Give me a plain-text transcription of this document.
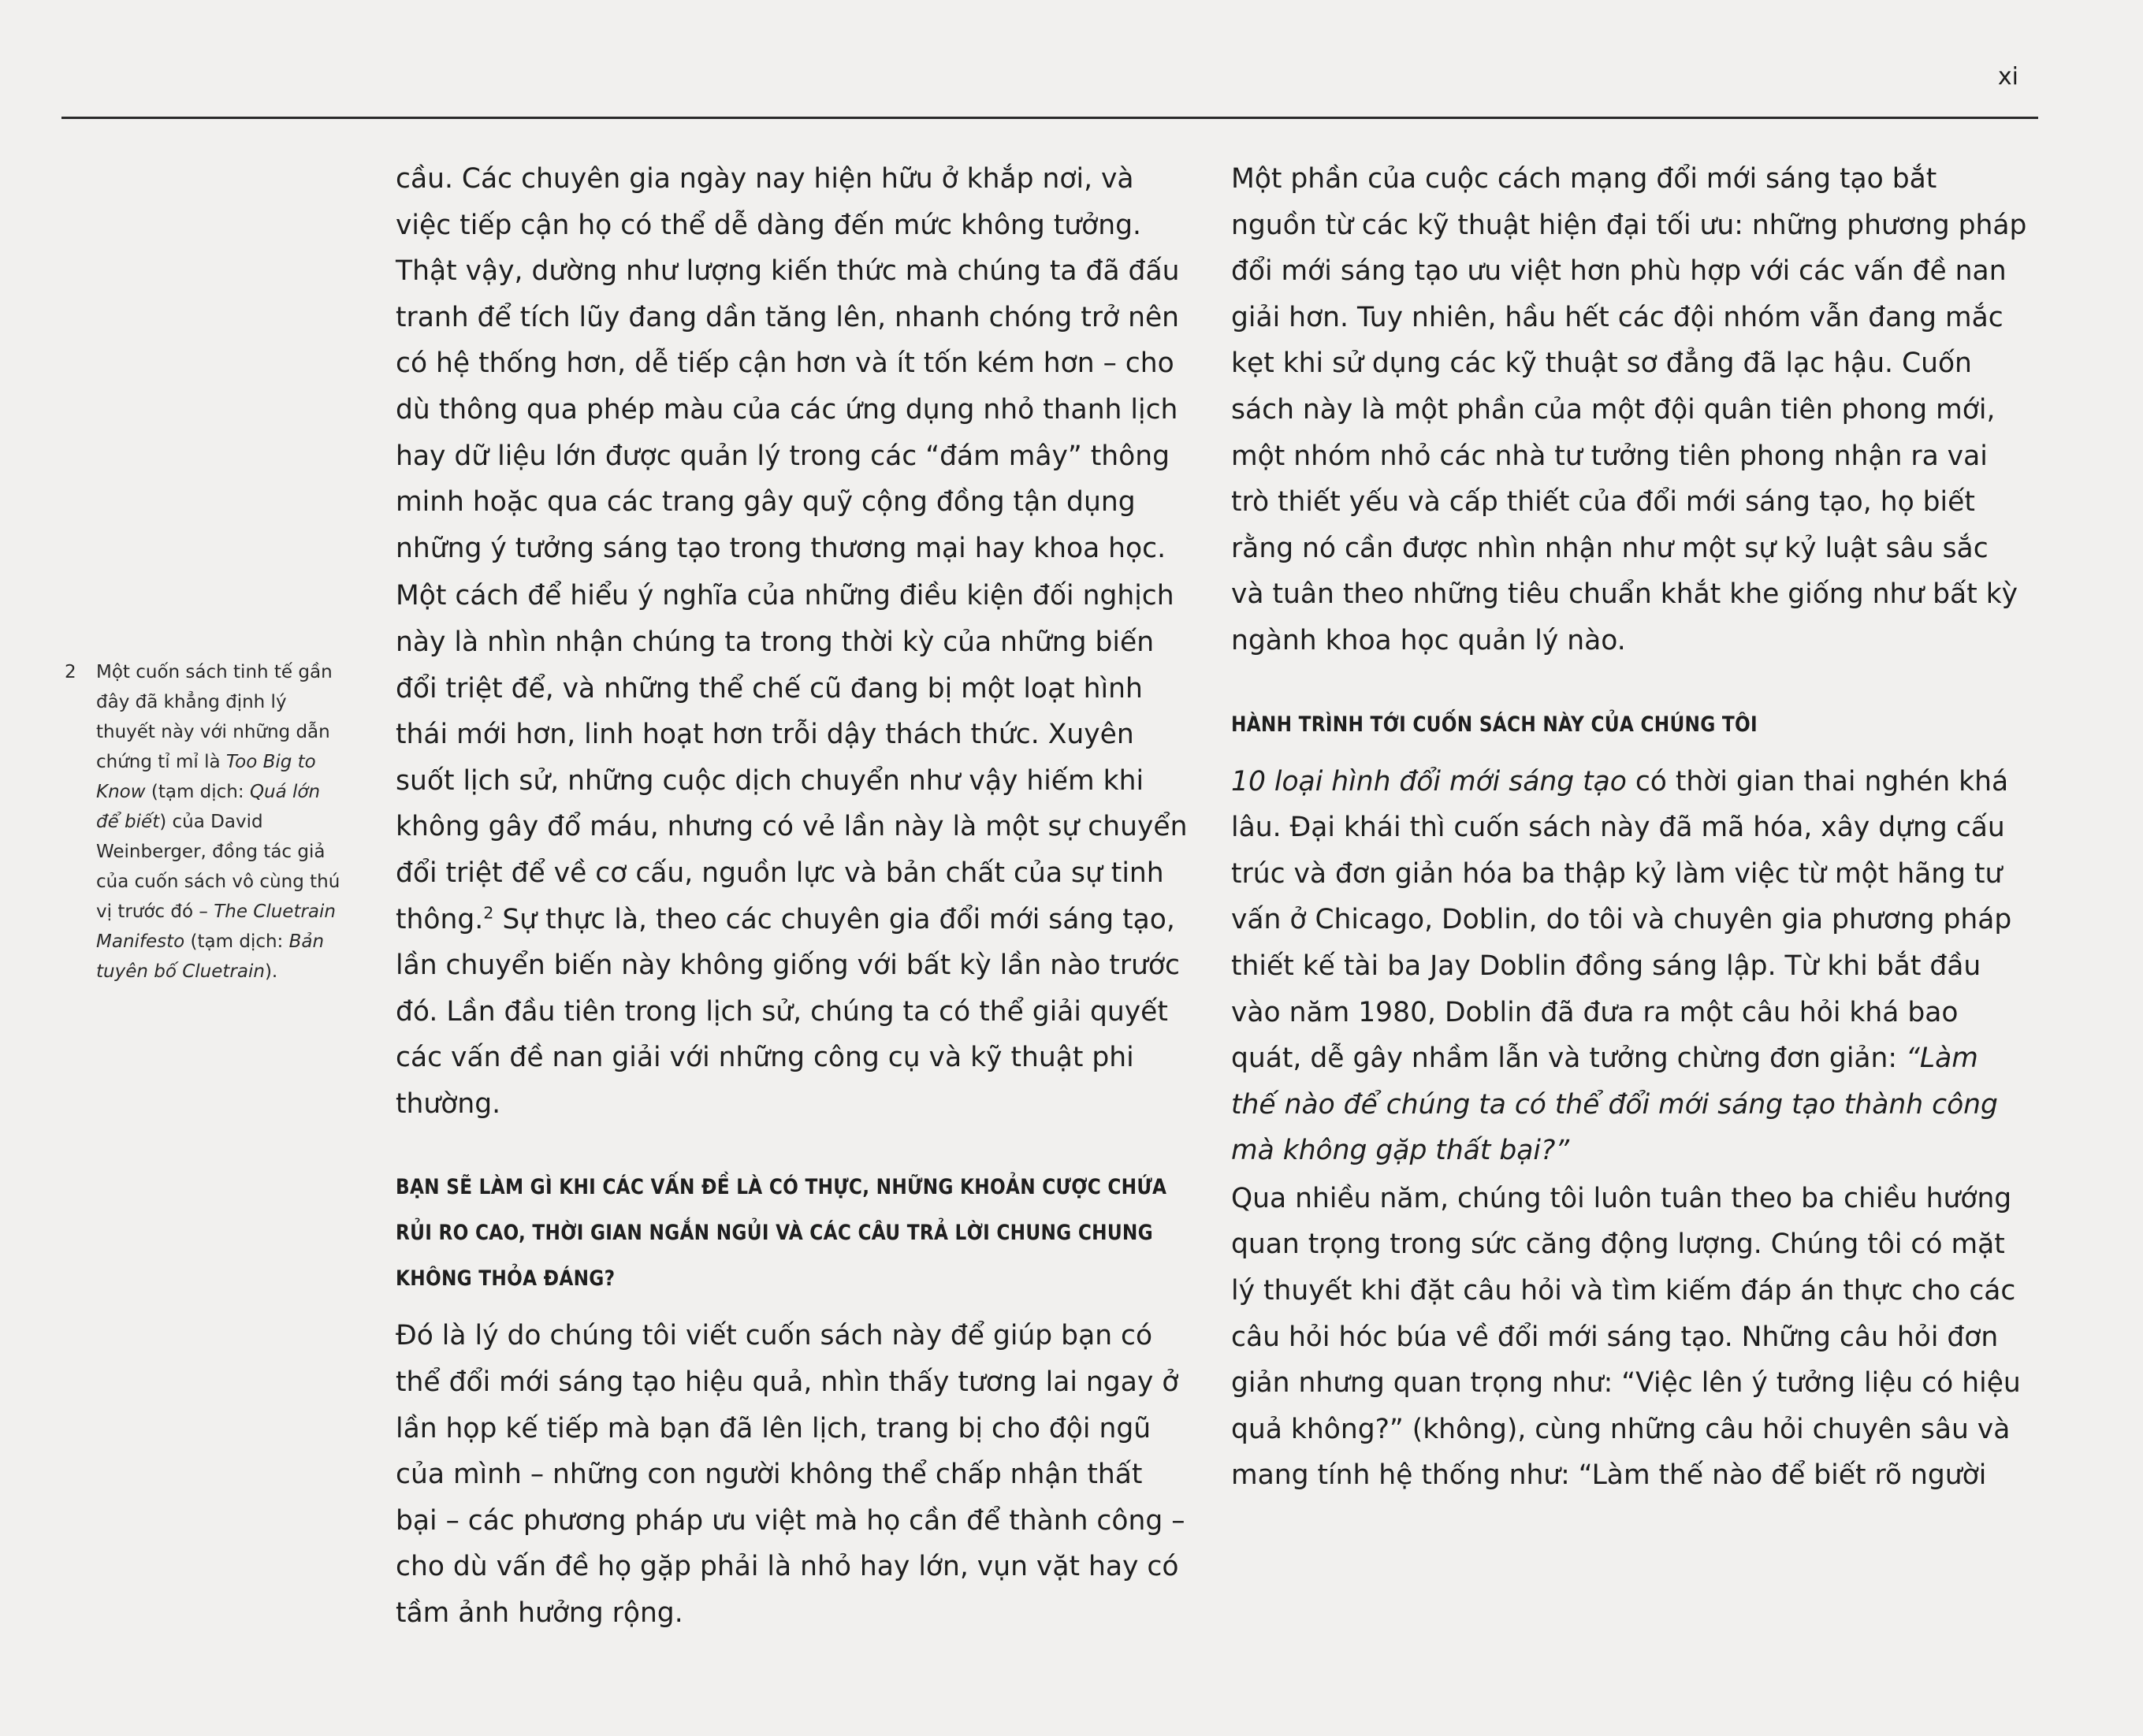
xi
2 Một cuốn sách tinh tế gần đây đã khẳng định lý thuyết này với những dẫn chứng tỉ mỉ là Too Big to Know (tạm dịch: Quá lớn để biết) của David Weinberger, đồng tác giả của cuốn sách vô cùng thú vị trước đó – The Cluetrain Manifesto (tạm dịch: Bản tuyên bố Cluetrain).

cầu. Các chuyên gia ngày nay hiện hữu ở khắp nơi, và việc tiếp cận họ có thể dễ dàng đến mức không tưởng. Thật vậy, dường như lượng kiến thức mà chúng ta đã đấu tranh để tích lũy đang dần tăng lên, nhanh chóng trở nên có hệ thống hơn, dễ tiếp cận hơn và ít tốn kém hơn – cho dù thông qua phép màu của các ứng dụng nhỏ thanh lịch hay dữ liệu lớn được quản lý trong các “đám mây” thông minh hoặc qua các trang gây quỹ cộng đồng tận dụng những ý tưởng sáng tạo trong thương mại hay khoa học.

Một cách để hiểu ý nghĩa của những điều kiện đối nghịch này là nhìn nhận chúng ta trong thời kỳ của những biến đổi triệt để, và những thể chế cũ đang bị một loạt hình thái mới hơn, linh hoạt hơn trỗi dậy thách thức. Xuyên suốt lịch sử, những cuộc dịch chuyển như vậy hiếm khi không gây đổ máu, nhưng có vẻ lần này là một sự chuyển đổi triệt để về cơ cấu, nguồn lực và bản chất của sự tinh thông.$^2$ Sự thực là, theo các chuyên gia đổi mới sáng tạo, lần chuyển biến này không giống với bất kỳ lần nào trước đó. Lần đầu tiên trong lịch sử, chúng ta có thể giải quyết các vấn đề nan giải với những công cụ và kỹ thuật phi thường.

BẠN SẼ LÀM GÌ KHI CÁC VẤN ĐỀ LÀ CÓ THỰC, NHỮNG KHOẢN CƯỢC CHỨA RỦI RO CAO, THỜI GIAN NGẮN NGỦI VÀ CÁC CÂU TRẢ LỜI CHUNG CHUNG KHÔNG THỎA ĐÁNG?

Đó là lý do chúng tôi viết cuốn sách này để giúp bạn có thể đổi mới sáng tạo hiệu quả, nhìn thấy tương lai ngay ở lần họp kế tiếp mà bạn đã lên lịch, trang bị cho đội ngũ của mình – những con người không thể chấp nhận thất bại – các phương pháp ưu việt mà họ cần để thành công – cho dù vấn đề họ gặp phải là nhỏ hay lớn, vụn vặt hay có tầm ảnh hưởng rộng.

Một phần của cuộc cách mạng đổi mới sáng tạo bắt nguồn từ các kỹ thuật hiện đại tối ưu: những phương pháp đổi mới sáng tạo ưu việt hơn phù hợp với các vấn đề nan giải hơn. Tuy nhiên, hầu hết các đội nhóm vẫn đang mắc kẹt khi sử dụng các kỹ thuật sơ đẳng đã lạc hậu. Cuốn sách này là một phần của một đội quân tiên phong mới, một nhóm nhỏ các nhà tư tưởng tiên phong nhận ra vai trò thiết yếu và cấp thiết của đổi mới sáng tạo, họ biết rằng nó cần được nhìn nhận như một sự kỷ luật sâu sắc và tuân theo những tiêu chuẩn khắt khe giống như bất kỳ ngành khoa học quản lý nào.

HÀNH TRÌNH TỚI CUỐN SÁCH NÀY CỦA CHÚNG TÔI

10 loại hình đổi mới sáng tạo có thời gian thai nghén khá lâu. Đại khái thì cuốn sách này đã mã hóa, xây dựng cấu trúc và đơn giản hóa ba thập kỷ làm việc từ một hãng tư vấn ở Chicago, Doblin, do tôi và chuyên gia phương pháp thiết kế tài ba Jay Doblin đồng sáng lập. Từ khi bắt đầu vào năm 1980, Doblin đã đưa ra một câu hỏi khá bao quát, dễ gây nhầm lẫn và tưởng chừng đơn giản: “Làm thế nào để chúng ta có thể đổi mới sáng tạo thành công mà không gặp thất bại?”

Qua nhiều năm, chúng tôi luôn tuân theo ba chiều hướng quan trọng trong sức căng động lượng. Chúng tôi có mặt lý thuyết khi đặt câu hỏi và tìm kiếm đáp án thực cho các câu hỏi hóc búa về đổi mới sáng tạo. Những câu hỏi đơn giản nhưng quan trọng như: “Việc lên ý tưởng liệu có hiệu quả không?” (không), cùng những câu hỏi chuyên sâu và mang tính hệ thống như: “Làm thế nào để biết rõ người
